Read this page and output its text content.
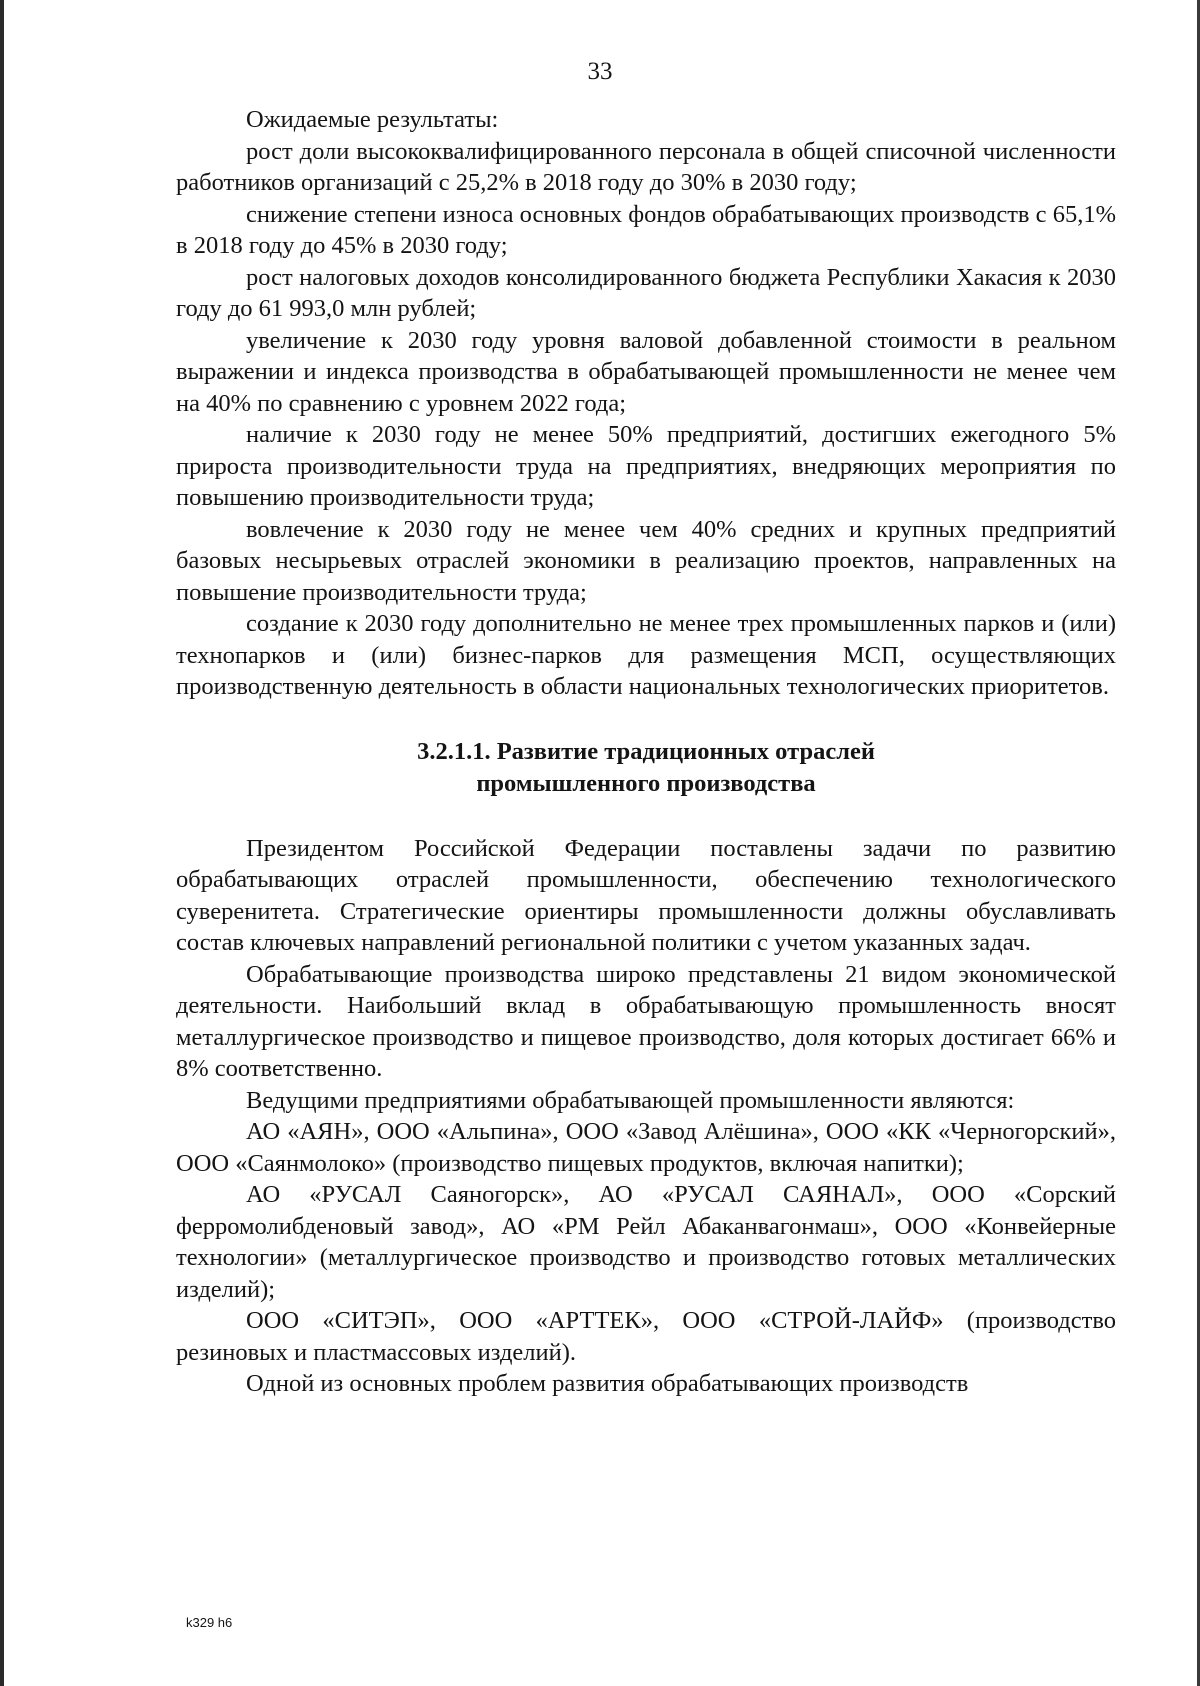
33

Ожидаемые результаты:

рост доли высококвалифицированного персонала в общей списочной численности работников организаций с 25,2% в 2018 году до 30% в 2030 году;

снижение степени износа основных фондов обрабатывающих производств с 65,1% в 2018 году до 45% в 2030 году;

рост налоговых доходов консолидированного бюджета Республики Хакасия к 2030 году до 61 993,0 млн рублей;

увеличение к 2030 году уровня валовой добавленной стоимости в реальном выражении и индекса производства в обрабатывающей промышленности не менее чем на 40% по сравнению с уровнем 2022 года;

наличие к 2030 году не менее 50% предприятий, достигших ежегодного 5% прироста производительности труда на предприятиях, внедряющих мероприятия по повышению производительности труда;

вовлечение к 2030 году не менее чем 40% средних и крупных предприятий базовых несырьевых отраслей экономики в реализацию проектов, направленных на повышение производительности труда;

создание к 2030 году дополнительно не менее трех промышленных парков и (или) технопарков и (или) бизнес-парков для размещения МСП, осуществляющих производственную деятельность в области национальных технологических приоритетов.

3.2.1.1. Развитие традиционных отраслей
промышленного производства

Президентом Российской Федерации поставлены задачи по развитию обрабатывающих отраслей промышленности, обеспечению технологического суверенитета. Стратегические ориентиры промышленности должны обуславливать состав ключевых направлений региональной политики с учетом указанных задач.

Обрабатывающие производства широко представлены 21 видом экономической деятельности. Наибольший вклад в обрабатывающую промышленность вносят металлургическое производство и пищевое производство, доля которых достигает 66% и 8% соответственно.

Ведущими предприятиями обрабатывающей промышленности являются:

АО «АЯН», ООО «Альпина», ООО «Завод Алёшина», ООО «КК «Черногорский», ООО «Саянмолоко» (производство пищевых продуктов, включая напитки);

АО «РУСАЛ Саяногорск», АО «РУСАЛ САЯНАЛ», ООО «Сорский ферромолибденовый завод», АО «РМ Рейл Абаканвагонмаш», ООО «Конвейерные технологии» (металлургическое производство и производство готовых металлических изделий);

ООО «СИТЭП», ООО «АРТТЕК», ООО «СТРОЙ-ЛАЙФ» (производство резиновых и пластмассовых изделий).

Одной из основных проблем развития обрабатывающих производств

k329 h6
